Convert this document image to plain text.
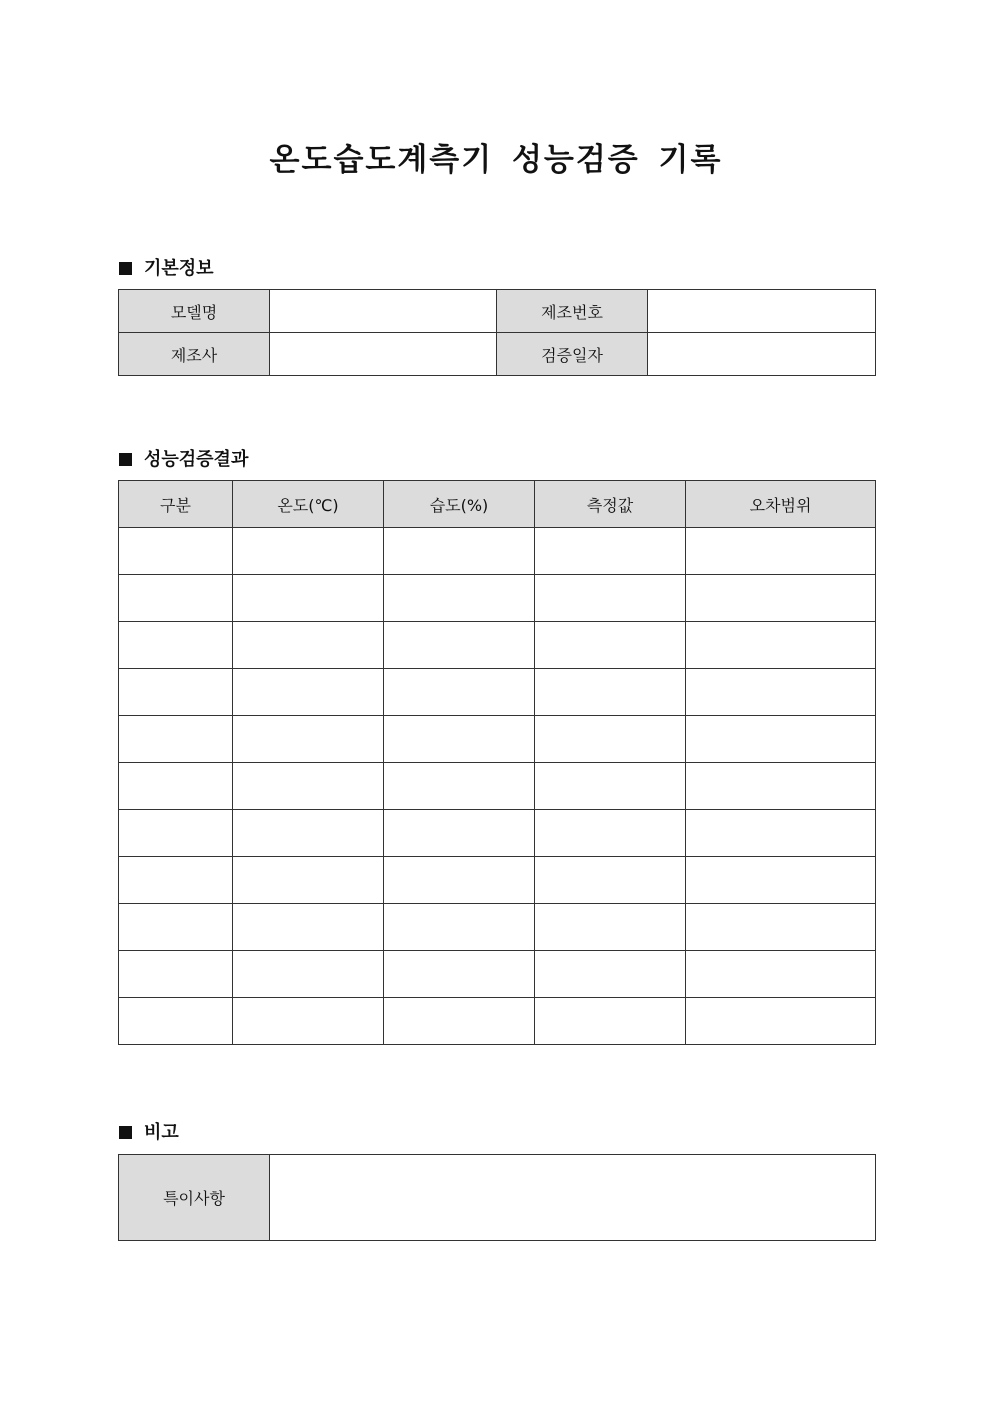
온도습도계측기 성능검증 기록
기본정보
모델명		제조번호	
제조사		검증일자	
성능검증결과
구분	온도(℃)	습도(%)	측정값	오차범위

비고
특이사항	
